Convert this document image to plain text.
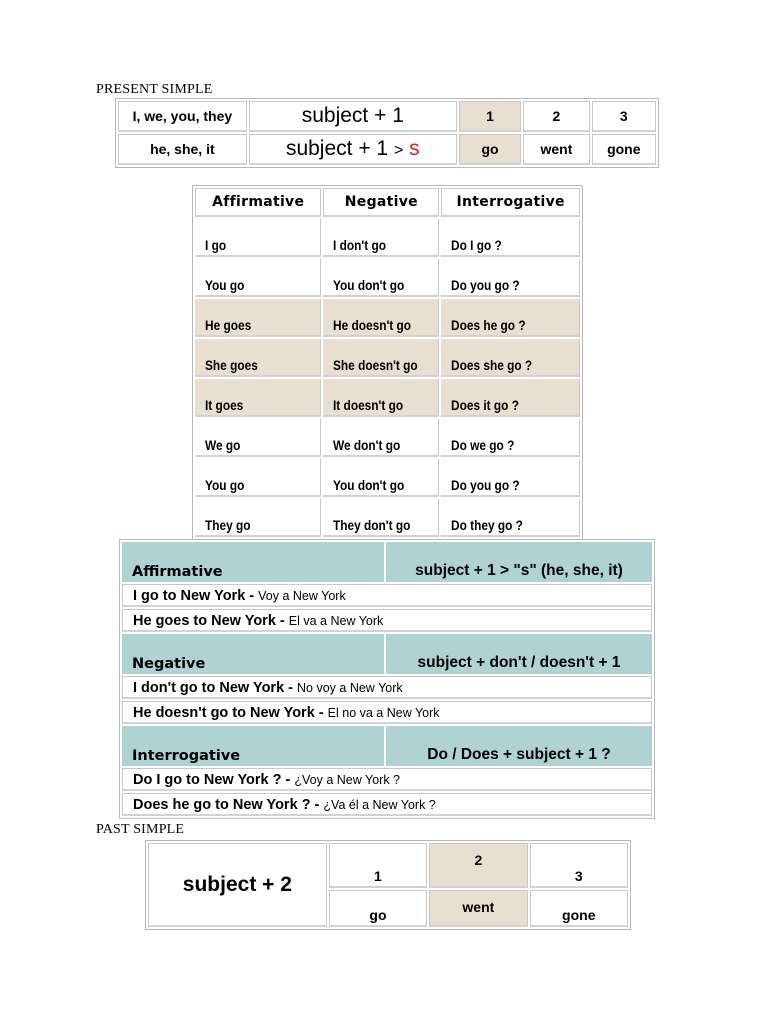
PRESENT SIMPLE
I, we, you, they	subject + 1	1	2	3
he, she, it	subject + 1 > s	go	went	gone
Affirmative	Negative	Interrogative
I go	I don't go	Do I go ?
You go	You don't go	Do you go ?
He goes	He doesn't go	Does he go ?
She goes	She doesn't go	Does she go ?
It goes	It doesn't go	Does it go ?
We go	We don't go	Do we go ?
You go	You don't go	Do you go ?
They go	They don't go	Do they go ?
Affirmative	subject + 1 > "s" (he, she, it)
I go to New York - Voy a New York	
He goes to New York - El va a New York	
Negative	subject + don't / doesn't + 1
I don't go to New York - No voy a New York	
He doesn't go to New York - El no va a New York	
Interrogative	Do / Does + subject + 1 ?
Do I go to New York ? - ¿Voy a New York ?	
Does he go to New York ? - ¿Va él a New York ?	
PAST SIMPLE
subject + 2	1	2	3
	go	went	gone
